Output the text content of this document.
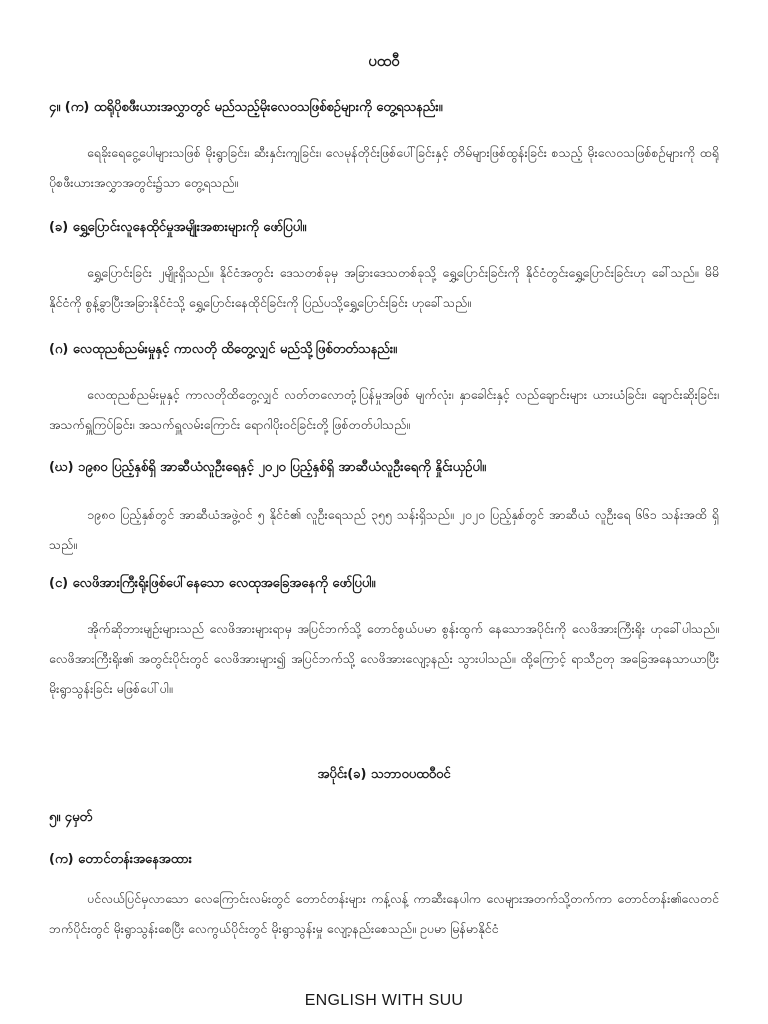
ပထဝီ
၄။ (က) ထရိုပိုစဖီးယားအလွှာတွင် မည်သည့်မိုးလေဝသဖြစ်စဉ်များကို တွေ့ရသနည်း။
ရေခိုးရေငွေ့ပေါများသဖြစ် မိုးရွာခြင်း၊ ဆီးနှင်းကျခြင်း၊ လေမုန်တိုင်းဖြစ်ပေါ်ခြင်းနှင့် တိမ်များဖြစ်ထွန်းခြင်း စသည့် မိုးလေဝသဖြစ်စဉ်များကို ထရိုပိုစဖီးယားအလွှာအတွင်း၌သာ တွေ့ရသည်။
(ခ) ရွှေ့ပြောင်းလူနေထိုင်မှုအမျိုးအစားများကို ဖော်ပြပါ။
ရွှေ့ပြောင်းခြင်း ၂မျိုးရှိသည်။ နိုင်ငံအတွင်း ဒေသတစ်ခုမှ အခြားဒေသတစ်ခုသို့ ရွှေ့ပြောင်းခြင်းကို နိုင်ငံတွင်းရွှေ့ပြောင်းခြင်းဟု ခေါ်သည်။ မိမိနိုင်ငံကို စွန့်ခွာပြီးအခြားနိုင်ငံသို့ ရွှေ့ပြောင်းနေထိုင်ခြင်းကို ပြည်ပသို့ရွှေ့ပြောင်းခြင်း ဟုခေါ်သည်။
(ဂ) လေထုညစ်ညမ်းမှုနှင့် ကာလတို ထိတွေ့လျှင် မည်သို့ဖြစ်တတ်သနည်း။
လေထုညစ်ညမ်းမှုနှင့် ကာလတိုထိတွေ့လျှင် လတ်တလောတုံ့ပြန်မှုအဖြစ် မျက်လုံး၊ နှာခေါင်းနှင့် လည်ချောင်းများ ယားယံခြင်း၊ ချောင်းဆိုးခြင်း၊ အသက်ရှူကြပ်ခြင်း၊ အသက်ရှူလမ်းကြောင်း ရောဂါပိုးဝင်ခြင်းတို့ ဖြစ်တတ်ပါသည်။
(ဃ) ၁၉၈၀ ပြည့်နှစ်ရှိ အာဆီယံလူဦးရေနှင့် ၂၀၂၀ ပြည့်နှစ်ရှိ အာဆီယံလူဦးရေကို နှိုင်းယှဉ်ပါ။
၁၉၈၀ ပြည့်နှစ်တွင် အာဆီယံအဖွဲ့ဝင် ၅ နိုင်ငံ၏ လူဦးရေသည် ၃၅၅ သန်းရှိသည်။ ၂၀၂၀ ပြည့်နှစ်တွင် အာဆီယံ လူဦးရေ ၆၆၁ သန်းအထိ ရှိသည်။
(င) လေဖိအားကြီးရိုးဖြစ်ပေါ်နေသော လေထုအခြေအနေကို ဖော်ပြပါ။
အိုက်ဆိုဘားမျဉ်းများသည် လေဖိအားများရာမှ အပြင်ဘက်သို့ တောင်စွယ်ပမာ စွန်းထွက် နေသောအပိုင်းကို လေဖိအားကြီးရိုး ဟုခေါ်ပါသည်။ လေဖိအားကြီးရိုး၏ အတွင်းပိုင်းတွင် လေဖိအားများ၍ အပြင်ဘက်သို့ လေဖိအားလျော့နည်း သွားပါသည်။ ထို့ကြောင့် ရာသီဥတု အခြေအနေသာယာပြီး မိုးရွာသွန်းခြင်း မဖြစ်ပေါ်ပါ။
အပိုင်း(ခ) သဘာဝပထဝီဝင်
၅။ ၄မှတ်
(က) တောင်တန်းအနေအထား
ပင်လယ်ပြင်မှလာသော လေကြောင်းလမ်းတွင် တောင်တန်းများ ကန့်လန့် ကာဆီးနေပါက လေများအတက်သို့တက်ကာ တောင်တန်း၏လေတင်ဘက်ပိုင်းတွင် မိုးရွာသွန်းစေပြီး လေကွယ်ပိုင်းတွင် မိုးရွာသွန်းမှု လျော့နည်းစေသည်။ ဥပမာ မြန်မာနိုင်ငံ
ENGLISH WITH SUU
